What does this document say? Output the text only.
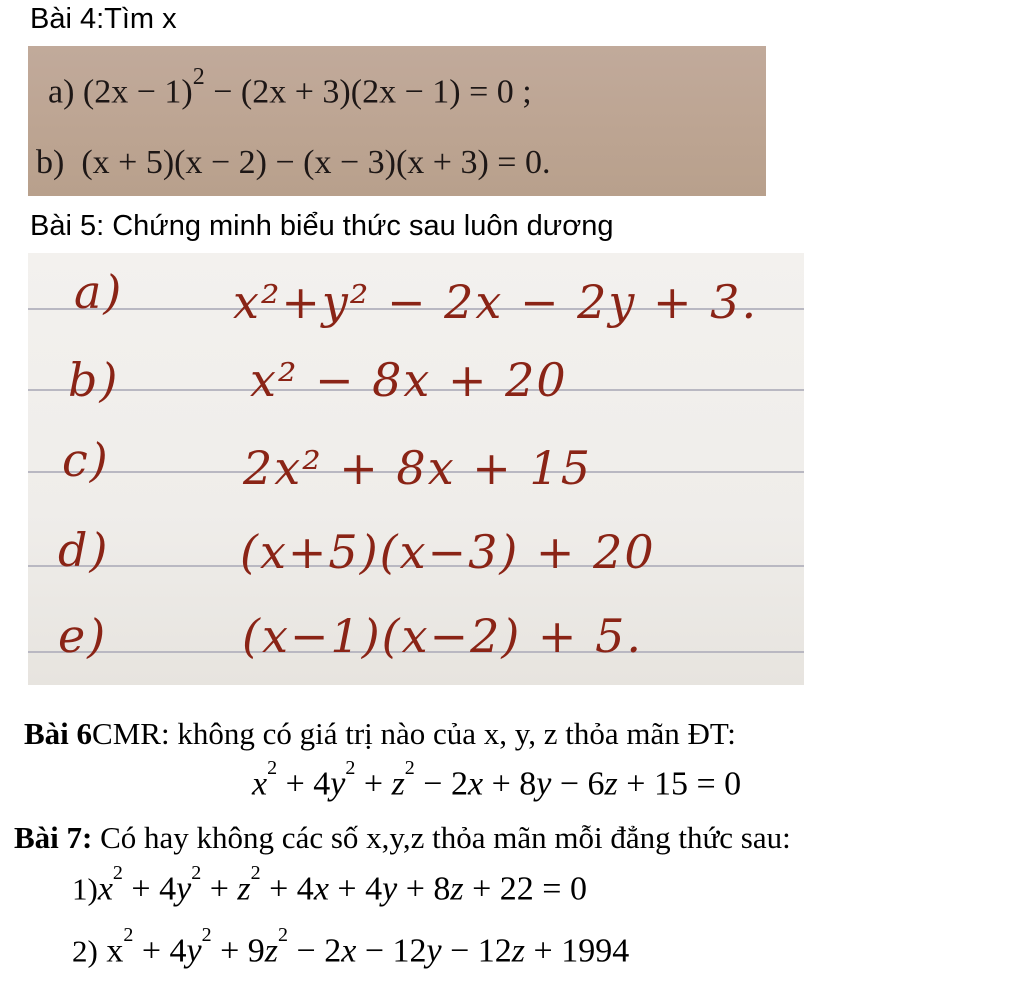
Bài 4:Tìm x
a) $(2x - 1)^2 - (2x + 3)(2x - 1) = 0$ ;
b) (x + 5)(x − 2) − (x − 3)(x + 3) = 0.
Bài 5: Chứng minh biểu thức sau luôn dương
a) x²+y² − 2x − 2y + 3.
b)	x² − 8x + 20
c)	2x² + 8x + 15
d)	(x+5)(x−3) + 20
e)	(x−1)(x−2) + 5.
Bài 6CMR: không có giá trị nào của x, y, z thỏa mãn ĐT:
$x^2 + 4y^2 + z^2 - 2x + 8y - 6z + 15 = 0$
Bài 7: Có hay không các số x,y,z thỏa mãn mỗi đẳng thức sau:
$1)x^2 + 4y^2 + z^2 + 4x + 4y + 8z + 22 = 0$
2) $x^2 + 4y^2 + 9z^2 - 2x - 12y - 12z + 1994$
